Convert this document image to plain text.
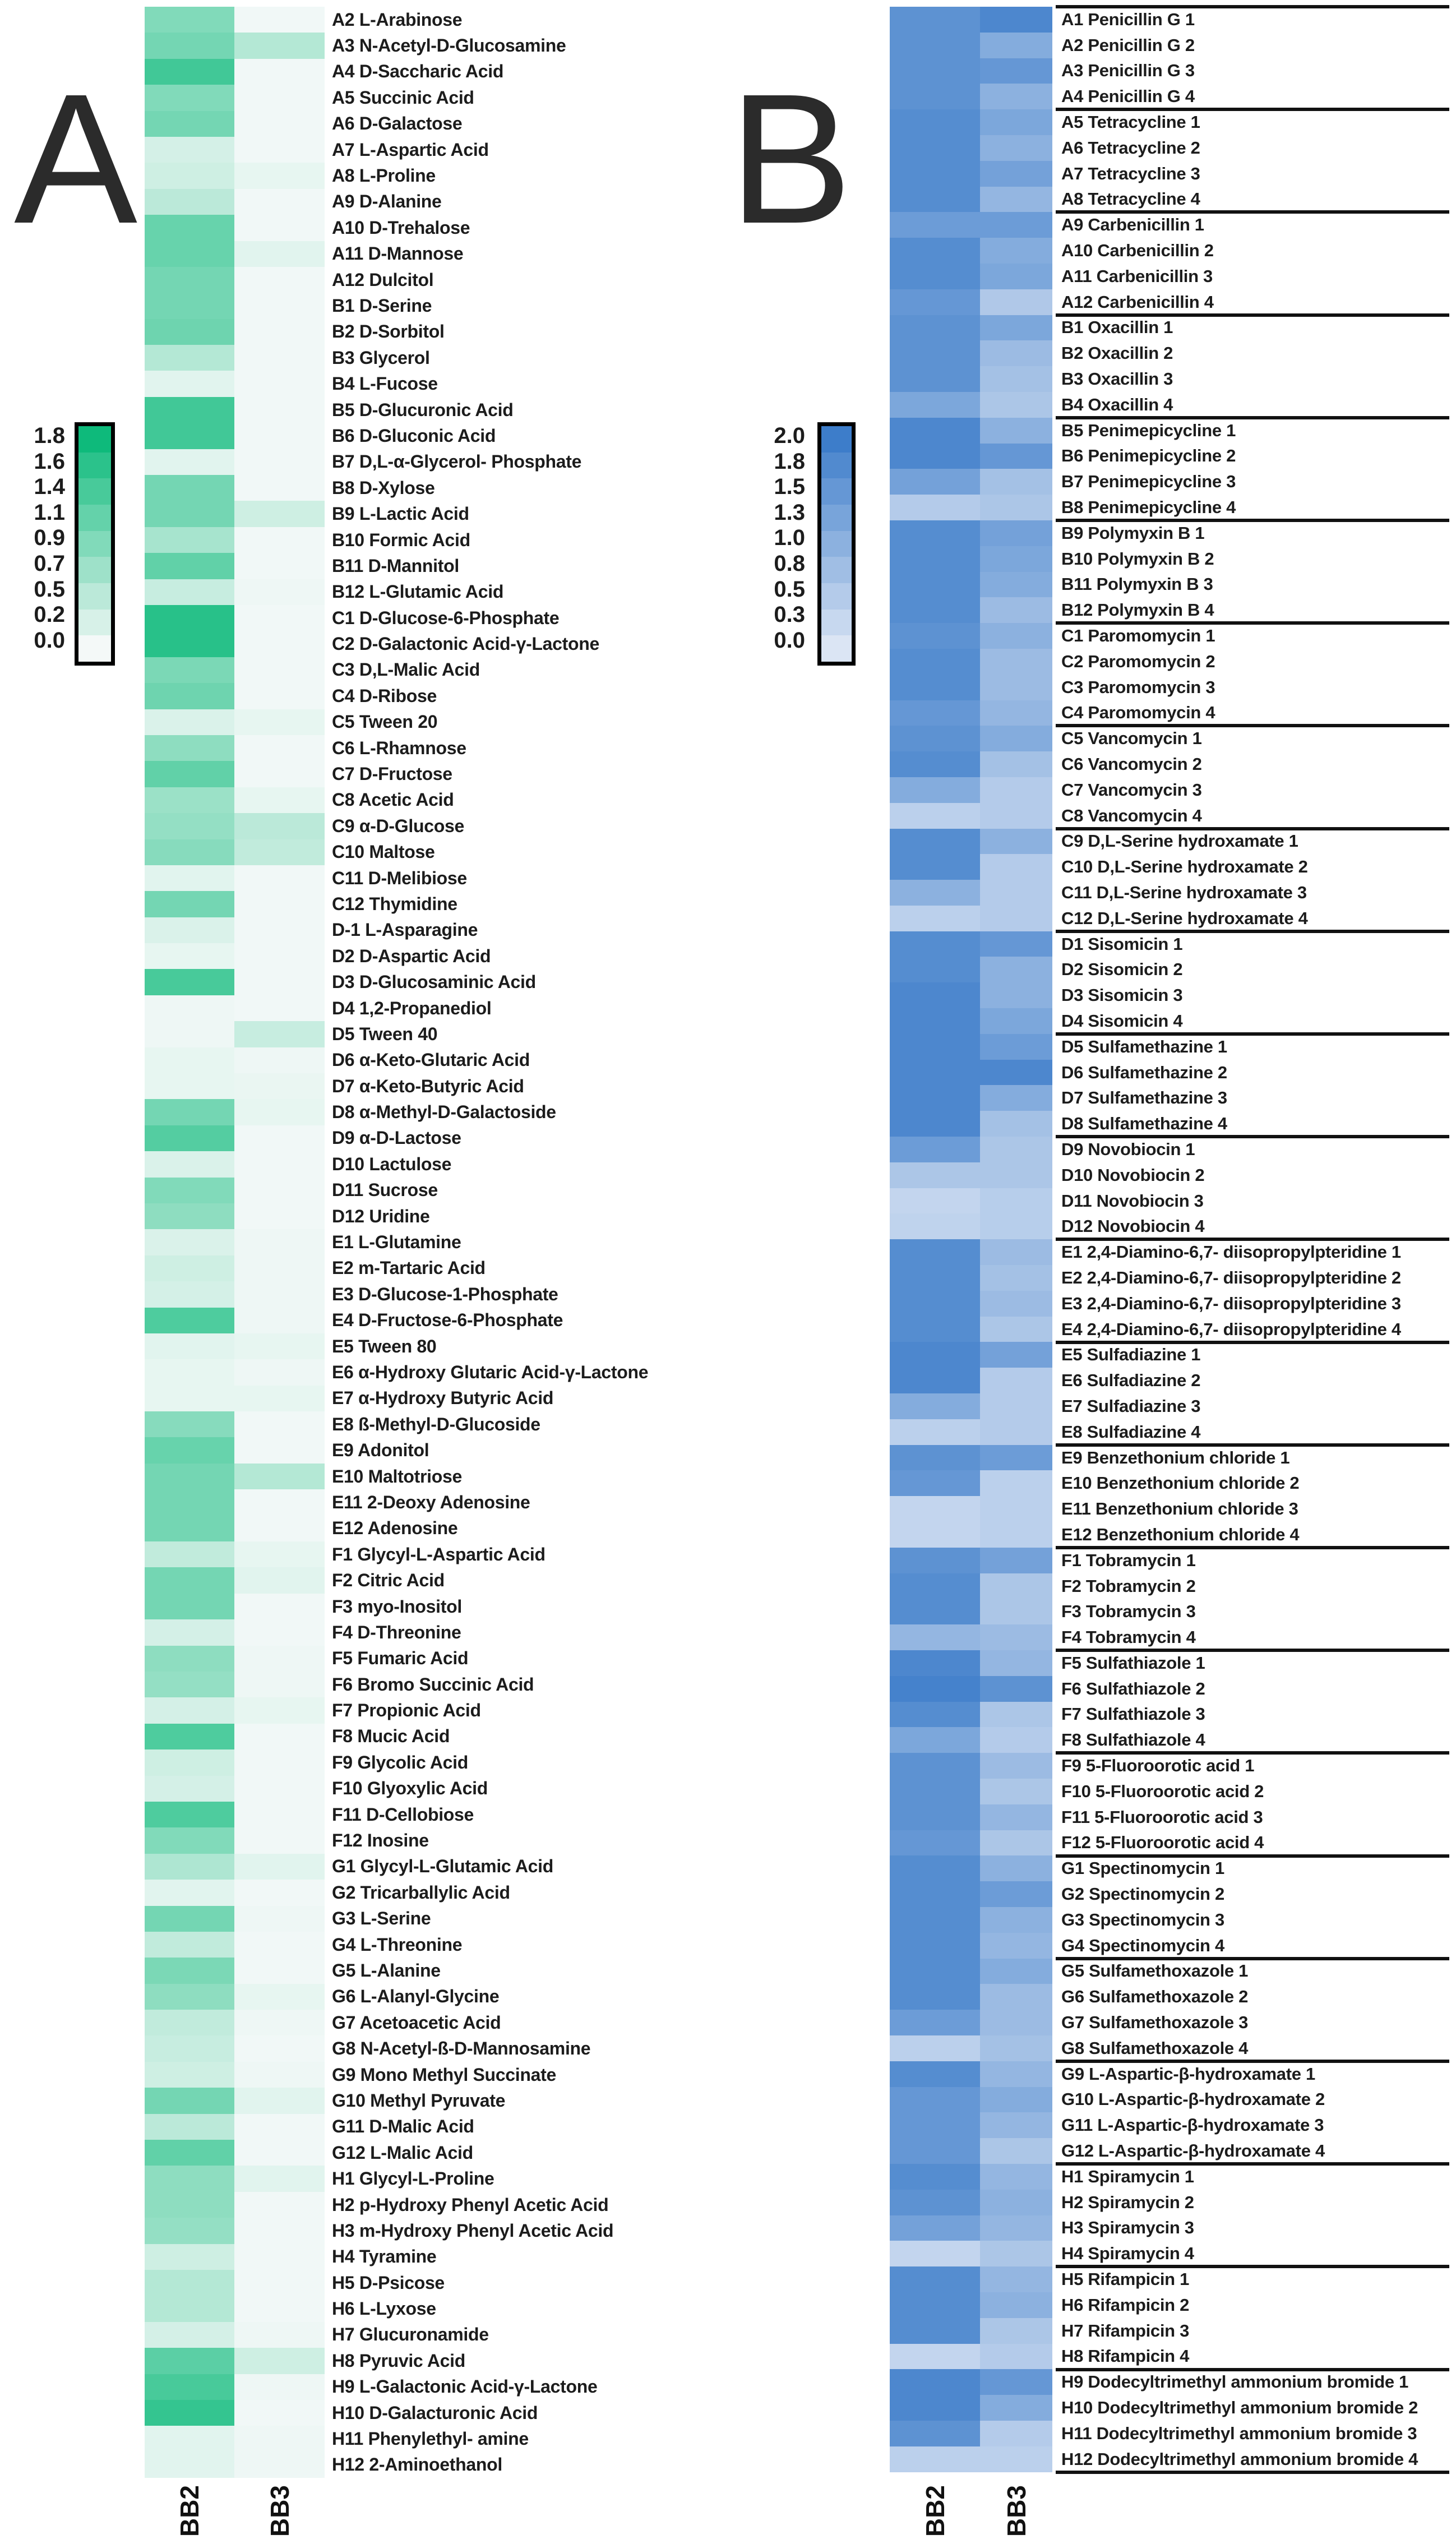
A	B
A2 L-Arabinose
A3 N-Acetyl-D-Glucosamine
A4 D-Saccharic Acid
A5 Succinic Acid
A6 D-Galactose
A7 L-Aspartic Acid
A8 L-Proline
A9 D-Alanine
A10 D-Trehalose
A11 D-Mannose
A12 Dulcitol
B1 D-Serine
B2 D-Sorbitol
B3 Glycerol
B4 L-Fucose
B5 D-Glucuronic Acid
B6 D-Gluconic Acid
B7 D,L-α-Glycerol- Phosphate
B8 D-Xylose
B9 L-Lactic Acid
B10 Formic Acid
B11 D-Mannitol
B12 L-Glutamic Acid
C1 D-Glucose-6-Phosphate
C2 D-Galactonic Acid-γ-Lactone
C3 D,L-Malic Acid
C4 D-Ribose
C5 Tween 20
C6 L-Rhamnose
C7 D-Fructose
C8 Acetic Acid
C9 α-D-Glucose
C10 Maltose
C11 D-Melibiose
C12 Thymidine
D-1 L-Asparagine
D2 D-Aspartic Acid
D3 D-Glucosaminic Acid
D4 1,2-Propanediol
D5 Tween 40
D6 α-Keto-Glutaric Acid
D7 α-Keto-Butyric Acid
D8 α-Methyl-D-Galactoside
D9 α-D-Lactose
D10 Lactulose
D11 Sucrose
D12 Uridine
E1 L-Glutamine
E2 m-Tartaric Acid
E3 D-Glucose-1-Phosphate
E4 D-Fructose-6-Phosphate
E5 Tween 80
E6 α-Hydroxy Glutaric Acid-γ-Lactone
E7 α-Hydroxy Butyric Acid
E8 ß-Methyl-D-Glucoside
E9 Adonitol
E10 Maltotriose
E11 2-Deoxy Adenosine
E12 Adenosine
F1 Glycyl-L-Aspartic Acid
F2 Citric Acid
F3 myo-Inositol
F4 D-Threonine
F5 Fumaric Acid
F6 Bromo Succinic Acid
F7 Propionic Acid
F8 Mucic Acid
F9 Glycolic Acid
F10 Glyoxylic Acid
F11 D-Cellobiose
F12 Inosine
G1 Glycyl-L-Glutamic Acid
G2 Tricarballylic Acid
G3 L-Serine
G4 L-Threonine
G5 L-Alanine
G6 L-Alanyl-Glycine
G7 Acetoacetic Acid
G8 N-Acetyl-ß-D-Mannosamine
G9 Mono Methyl Succinate
G10 Methyl Pyruvate
G11 D-Malic Acid
G12 L-Malic Acid
H1 Glycyl-L-Proline
H2 p-Hydroxy Phenyl Acetic Acid
H3 m-Hydroxy Phenyl Acetic Acid
H4 Tyramine
H5 D-Psicose
H6 L-Lyxose
H7 Glucuronamide
H8 Pyruvic Acid
H9 L-Galactonic Acid-γ-Lactone
H10 D-Galacturonic Acid
H11 Phenylethyl- amine
H12 2-Aminoethanol
1.8
1.6
1.4
1.1
0.9
0.7
0.5
0.2
0.0
BB2 BB3
A1 Penicillin G 1
A2 Penicillin G 2
A3 Penicillin G 3
A4 Penicillin G 4
A5 Tetracycline 1
A6 Tetracycline 2
A7 Tetracycline 3
A8 Tetracycline 4
A9 Carbenicillin 1
A10 Carbenicillin 2
A11 Carbenicillin 3
A12 Carbenicillin 4
B1 Oxacillin 1
B2 Oxacillin 2
B3 Oxacillin 3
B4 Oxacillin 4
B5 Penimepicycline 1
B6 Penimepicycline 2
B7 Penimepicycline 3
B8 Penimepicycline 4
B9 Polymyxin B 1
B10 Polymyxin B 2
B11 Polymyxin B 3
B12 Polymyxin B 4
C1 Paromomycin 1
C2 Paromomycin 2
C3 Paromomycin 3
C4 Paromomycin 4
C5 Vancomycin 1
C6 Vancomycin 2
C7 Vancomycin 3
C8 Vancomycin 4
C9 D,L-Serine hydroxamate 1
C10 D,L-Serine hydroxamate 2
C11 D,L-Serine hydroxamate 3
C12 D,L-Serine hydroxamate 4
D1 Sisomicin 1
D2 Sisomicin 2
D3 Sisomicin 3
D4 Sisomicin 4
D5 Sulfamethazine 1
D6 Sulfamethazine 2
D7 Sulfamethazine 3
D8 Sulfamethazine 4
D9 Novobiocin 1
D10 Novobiocin 2
D11 Novobiocin 3
D12 Novobiocin 4
E1 2,4-Diamino-6,7- diisopropylpteridine 1
E2 2,4-Diamino-6,7- diisopropylpteridine 2
E3 2,4-Diamino-6,7- diisopropylpteridine 3
E4 2,4-Diamino-6,7- diisopropylpteridine 4
E5 Sulfadiazine 1
E6 Sulfadiazine 2
E7 Sulfadiazine 3
E8 Sulfadiazine 4
E9 Benzethonium chloride 1
E10 Benzethonium chloride 2
E11 Benzethonium chloride 3
E12 Benzethonium chloride 4
F1 Tobramycin 1
F2 Tobramycin 2
F3 Tobramycin 3
F4 Tobramycin 4
F5 Sulfathiazole 1
F6 Sulfathiazole 2
F7 Sulfathiazole 3
F8 Sulfathiazole 4
F9 5-Fluoroorotic acid 1
F10 5-Fluoroorotic acid 2
F11 5-Fluoroorotic acid 3
F12 5-Fluoroorotic acid 4
G1 Spectinomycin 1
G2 Spectinomycin 2
G3 Spectinomycin 3
G4 Spectinomycin 4
G5 Sulfamethoxazole 1
G6 Sulfamethoxazole 2
G7 Sulfamethoxazole 3
G8 Sulfamethoxazole 4
G9 L-Aspartic-β-hydroxamate 1
G10 L-Aspartic-β-hydroxamate 2
G11 L-Aspartic-β-hydroxamate 3
G12 L-Aspartic-β-hydroxamate 4
H1 Spiramycin 1
H2 Spiramycin 2
H3 Spiramycin 3
H4 Spiramycin 4
H5 Rifampicin 1
H6 Rifampicin 2
H7 Rifampicin 3
H8 Rifampicin 4
H9 Dodecyltrimethyl ammonium bromide 1
H10 Dodecyltrimethyl ammonium bromide 2
H11 Dodecyltrimethyl ammonium bromide 3
H12 Dodecyltrimethyl ammonium bromide 4
2.0
1.8
1.5
1.3
1.0
0.8
0.5
0.3
0.0
BB2 BB3
